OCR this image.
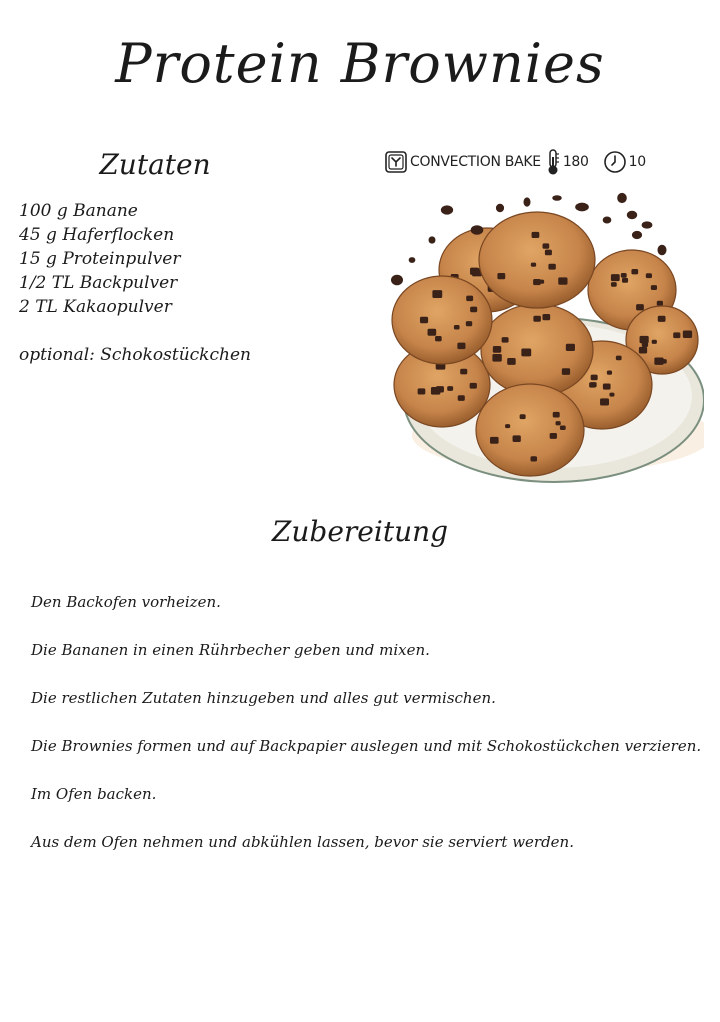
Protein Brownies
Zutaten
100 g Banane
45 g Haferflocken
15 g Proteinpulver
1/2 TL Backpulver
2 TL Kakaopulver
optional: Schokostückchen
CONVECTION BAKE 180	10
Zubereitung
Den Backofen vorheizen.
Die Bananen in einen Rührbecher geben und mixen.
Die restlichen Zutaten hinzugeben und alles gut vermischen.
Die Brownies formen und auf Backpapier auslegen und mit Schokostückchen verzieren.
Im Ofen backen.
Aus dem Ofen nehmen und abkühlen lassen, bevor sie serviert werden.
